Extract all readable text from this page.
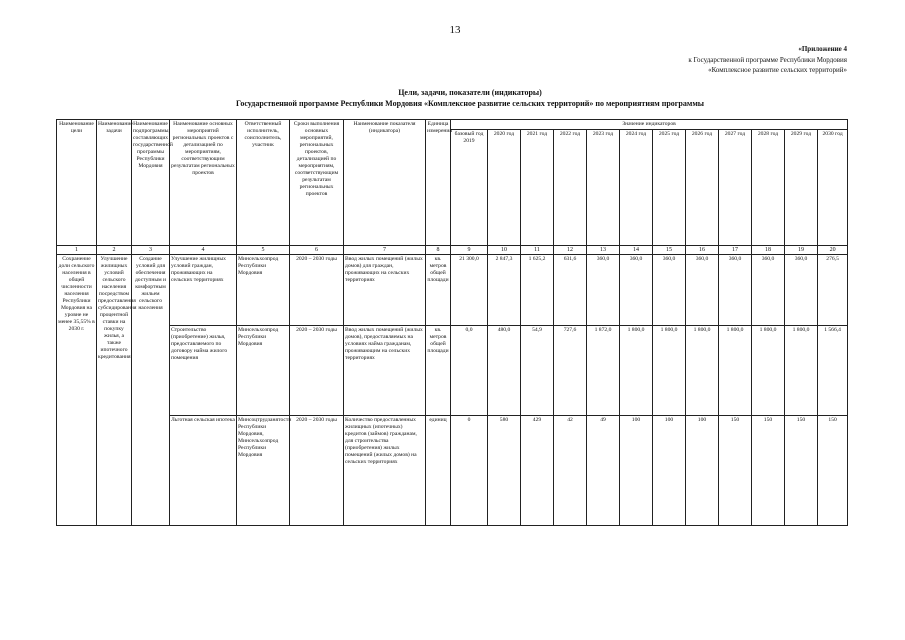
13
«Приложение 4
к Государственной программе Республики Мордовия
«Комплексное развитие сельских территорий»
Цели, задачи, показатели (индикаторы)
Государственной программе Республики Мордовия «Комплексное развитие сельских территорий» по мероприятиям программы
Наименование цели	Наименование задачи	Наименование подпрограммы, составляющих государственной программы Республики Мордовия	Наименование основных мероприятий региональных проектов с детализацией по мероприятиям, соответствующим результатам региональных проектов	Ответственный исполнитель, соисполнитель, участник	Сроки выполнения основных мероприятий, региональных проектов, детализацией по мероприятиям, соответствующим результатам региональных проектов	Наименование показателя (индикатора)	Единица измерения	Значение индикаторов											
								базовый год 2019	2020 год	2021 год	2022 год	2023 год	2024 год	2025 год	2026 год	2027 год	2028 год	2029 год	2030 год
1	2	3	4	5	6	7	8	9	10	11	12	13	14	15	16	17	18	19	20
Сохранение доли сельского населения в общей численности населения Республики Мордовия на уровне не менее 35,55% в 2030 г.	Улучшение жилищных условий сельского населения посредством предоставления субсидирования процентной ставки на покупку жилья, а также ипотечного кредитования	Создание условий для обеспечения доступным и комфортным жильем сельского населения	Улучшение жилищных условий граждан, проживающих на сельских территориях	Минсельхозпрод Республики Мордовия	2020 – 2030 годы	Ввод жилых помещений (жилых домов) для граждан, проживающих на сельских территориях	кв. метров общей площади	21 300,0	2 847,3	1 625,2	631,6	360,0	360,0	360,0	360,0	360,0	360,0	360,0	276,5
			Строительство (приобретение) жилья, предоставляемого по договору найма жилого помещения	Минсельхозпрод Республики Мордовия	2020 – 2030 годы	Ввод жилых помещений (жилых домов), предоставляемых на условиях найма гражданам, проживающим на сельских территориях	кв. метров общей площади	0,0	480,0	54,9	727,6	1 872,0	1 800,0	1 800,0	1 800,0	1 800,0	1 800,0	1 800,0	1 566,4
			Льготная сельская ипотека	Минсоцтрудзанятости Республики Мордовия, Минсельхозпрод Республики Мордовия	2020 – 2030 годы	Количество предоставленных жилищных (ипотечных) кредитов (займов) гражданам, для строительства (приобретения) жилых помещений (жилых домов) на сельских территориях	единиц	0	580	429	42	49	100	100	100	150	150	150	150
